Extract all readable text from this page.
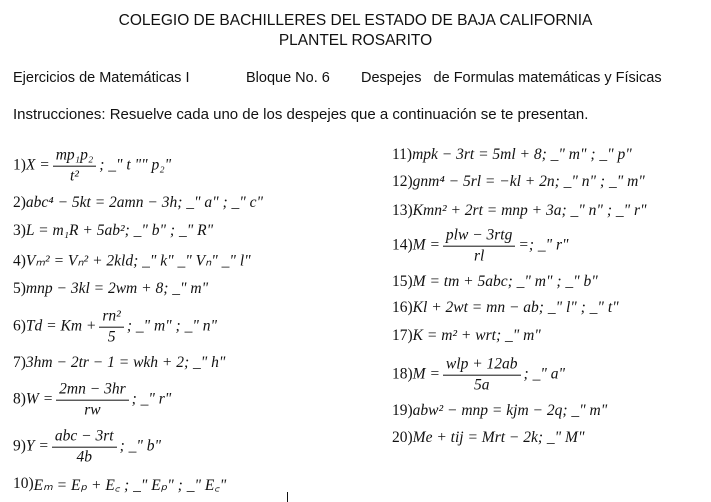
COLEGIO DE BACHILLERES DEL ESTADO DE BAJA CALIFORNIA
PLANTEL ROSARITO
Ejercicios de Matemáticas I	Bloque No. 6 Despejes   de Formulas matemáticas y Físicas
Instrucciones: Resuelve cada uno de los despejes que a continuación se te presentan.
1) $X = \frac{\text{mp₁p₂}}{\text{t²}}$ ; _" t "" p₂"
2) abc⁴ − 5kt = 2amn − 3h; _" a" ; _" c"
3) L = m₁R + 5ab²; _" b" ; _" R"
4) Vₘ² = Vₙ² + 2kld; _" k" _" Vₙ" _" l"
5) mnp − 3kl = 2wm + 8; _" m"
6) $Td = Km + \frac{\text{rn²}}{5}$ ; _" m" ; _" n"
7) 3hm − 2tr − 1 = wkh + 2; _" h"
8) $W = \frac{2mn - 3hr}{rw}$ ; _" r"
9) $Y = \frac{\text{abc − 3rt}}{4b}$ ; _" b"
10) Eₘ = Eₚ + E꜀ ; _" Eₚ" ; _" E꜀"
11) mpk − 3rt = 5ml + 8; _" m" ; _" p"
12) gnm⁴ − 5rl = −kl + 2n; _" n" ; _" m"
13) Kmn² + 2rt = mnp + 3a; _" n" ; _" r"
14) $M = \frac{\text{plw − 3rtg}}{rl}$ =; _" r"
15) M = tm + 5abc; _" m" ; _" b"
16) Kl + 2wt = mn − ab; _" l" ; _" t"
17) K = m² + wrt; _" m"
18) $M = \frac{\text{wlp + 12ab}}{5a}$ ; _" a"
19) abw² − mnp = kjm − 2q; _" m"
20) Me + tij = Mrt − 2k; _" M"
